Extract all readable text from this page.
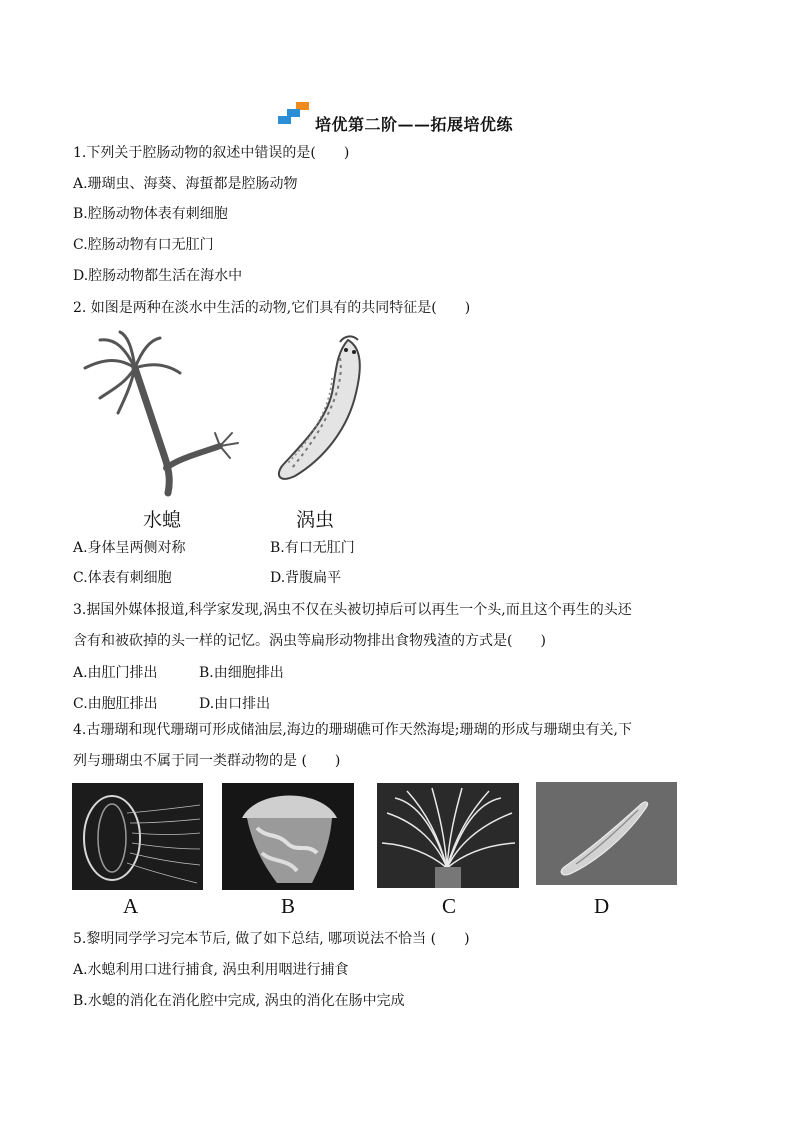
培优第二阶——拓展培优练
1.下列关于腔肠动物的叙述中错误的是(　　)
A.珊瑚虫、海葵、海蜇都是腔肠动物
B.腔肠动物体表有刺细胞
C.腔肠动物有口无肛门
D.腔肠动物都生活在海水中
2. 如图是两种在淡水中生活的动物,它们具有的共同特征是(　　)
水螅	涡虫
A.身体呈两侧对称	B.有口无肛门
C.体表有刺细胞	D.背腹扁平
3.据国外媒体报道,科学家发现,涡虫不仅在头被切掉后可以再生一个头,而且这个再生的头还
含有和被砍掉的头一样的记忆。涡虫等扁形动物排出食物残渣的方式是(　　)
A.由肛门排出	B.由细胞排出
C.由胞肛排出	D.由口排出
4.古珊瑚和现代珊瑚可形成储油层,海边的珊瑚礁可作天然海堤;珊瑚的形成与珊瑚虫有关,下
列与珊瑚虫不属于同一类群动物的是 (　　)
A	B	C	D
5.黎明同学学习完本节后, 做了如下总结, 哪项说法不恰当 (　　)
A.水螅利用口进行捕食, 涡虫利用咽进行捕食
B.水螅的消化在消化腔中完成, 涡虫的消化在肠中完成
